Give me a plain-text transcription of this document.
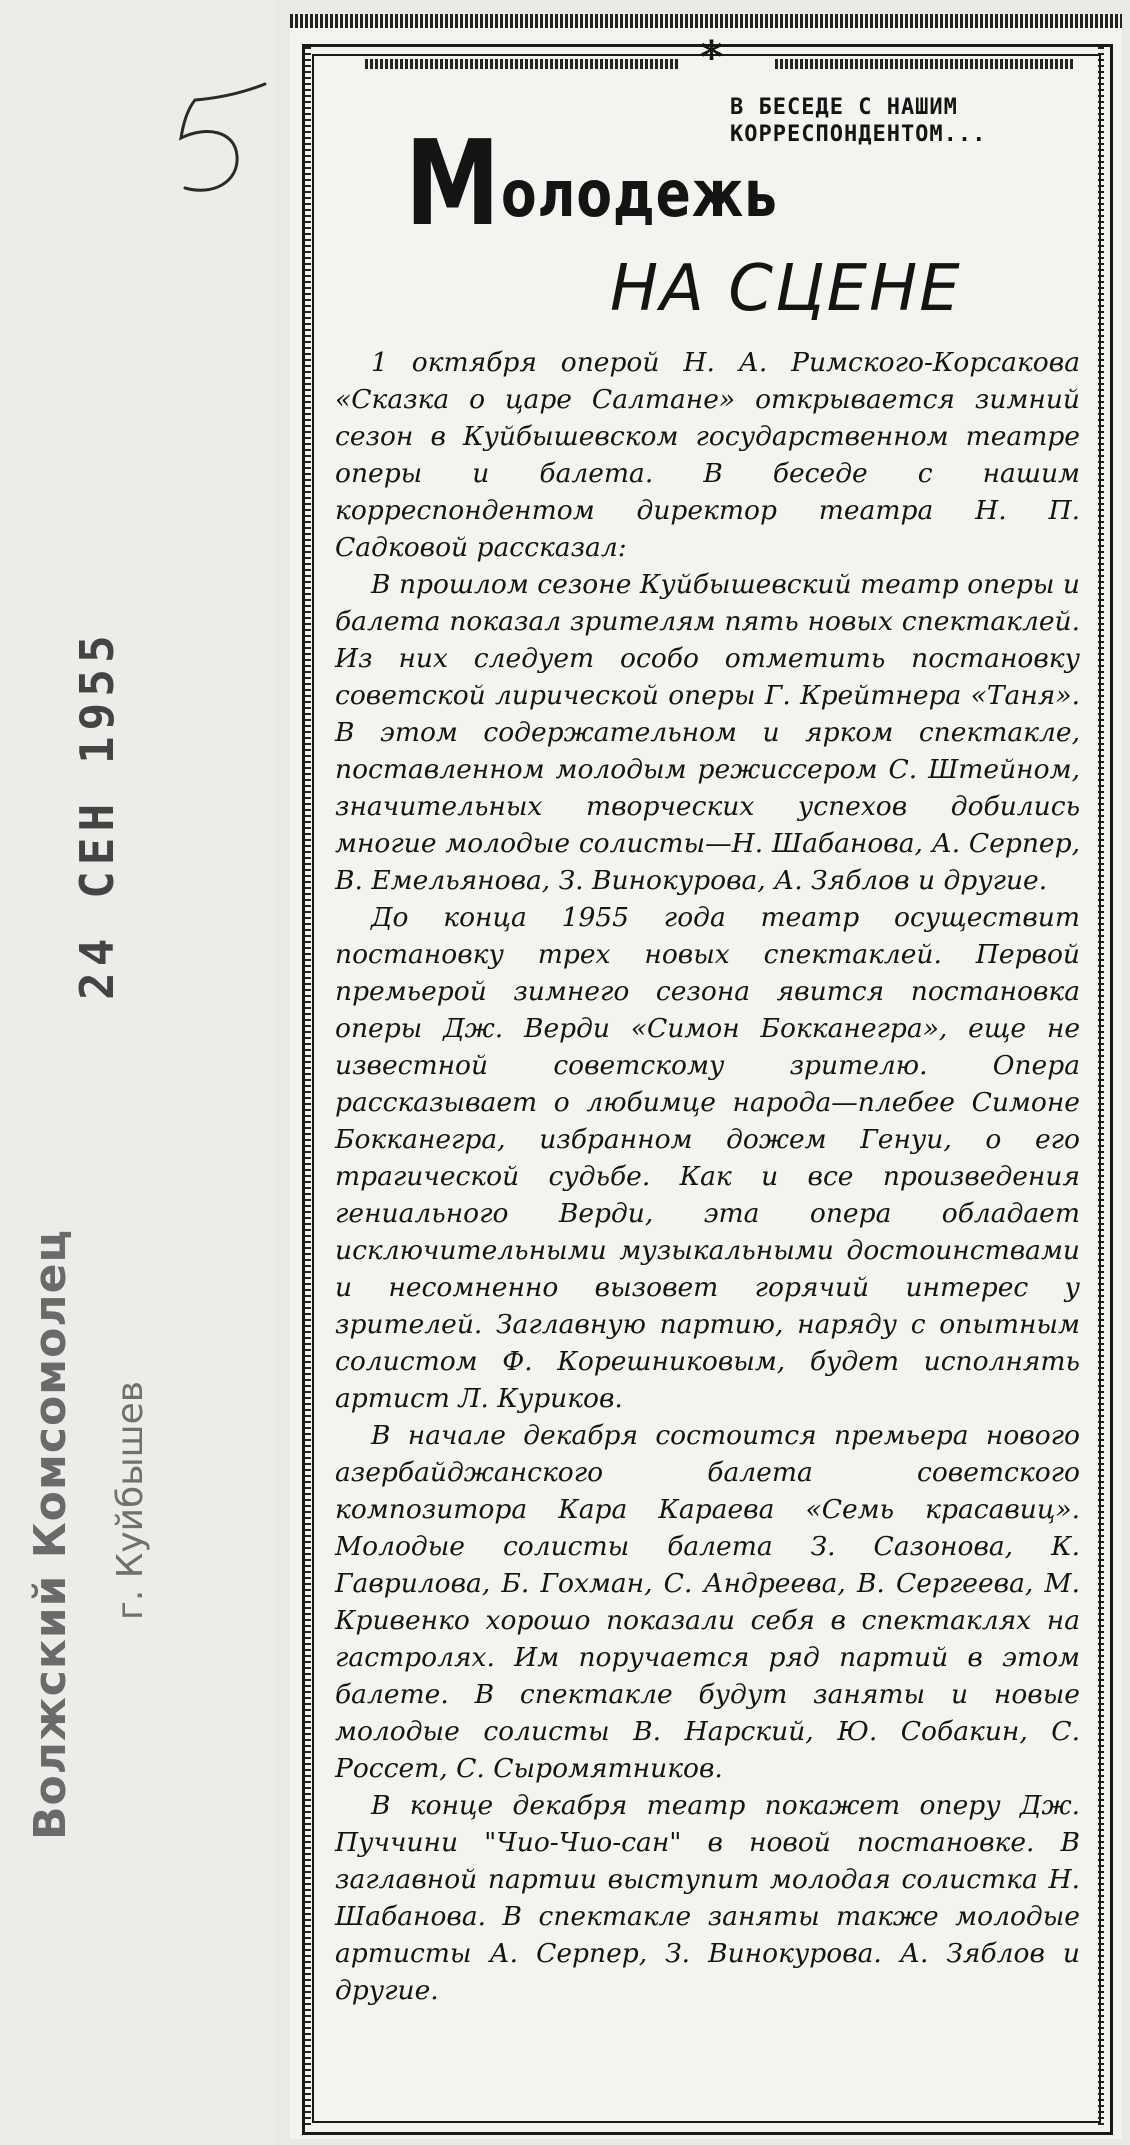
24 СЕН 1955
Волжский Комсомолец г. Куйбышев
*
В БЕСЕДЕ С НАШИМ КОРРЕСПОНДЕНТОМ...
Молодежь
НА СЦЕНЕ

1 октября оперой Н. А. Римского-Корсакова «Сказка о царе Салтане» открывается зимний сезон в Куйбышевском государственном театре оперы и балета. В беседе с нашим корреспондентом директор театра Н. П. Садковой рассказал:

В прошлом сезоне Куйбышевский театр оперы и балета показал зрителям пять новых спектаклей. Из них следует особо отметить постановку советской лирической оперы Г. Крейтнера «Таня». В этом содержательном и ярком спектакле, поставленном молодым режиссером С. Штейном, значительных творческих успехов добились многие молодые солисты—Н. Шабанова, А. Серпер, В. Емельянова, З. Винокурова, А. Зяблов и другие.

До конца 1955 года театр осуществит постановку трех новых спектаклей. Первой премьерой зимнего сезона явится постановка оперы Дж. Верди «Симон Бокканегра», еще не известной советскому зрителю. Опера рассказывает о любимце народа—плебее Симоне Бокканегра, избранном дожем Генуи, о его трагической судьбе. Как и все произведения гениального Верди, эта опера обладает исключительными музыкальными достоинствами и несомненно вызовет горячий интерес у зрителей. Заглавную партию, наряду с опытным солистом Ф. Корешниковым, будет исполнять артист Л. Куриков.

В начале декабря состоится премьера нового азербайджанского балета советского композитора Кара Караева «Семь красавиц». Молодые солисты балета З. Сазонова, К. Гаврилова, Б. Гохман, С. Андреева, В. Сергеева, М. Кривенко хорошо показали себя в спектаклях на гастролях. Им поручается ряд партий в этом балете. В спектакле будут заняты и новые молодые солисты В. Нарский, Ю. Собакин, С. Россет, С. Сыромятников.

В конце декабря театр покажет оперу Дж. Пуччини "Чио-Чио-сан" в новой постановке. В заглавной партии выступит молодая солистка Н. Шабанова. В спектакле заняты также молодые артисты А. Серпер, З. Винокурова. А. Зяблов и другие.
